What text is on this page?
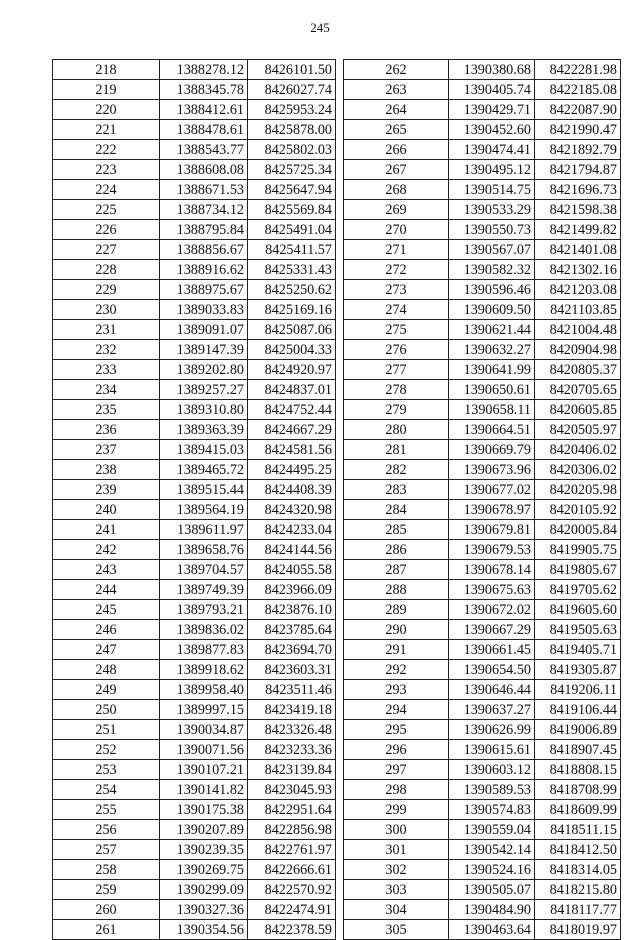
245
218	1388278.12	8426101.50
219	1388345.78	8426027.74
220	1388412.61	8425953.24
221	1388478.61	8425878.00
222	1388543.77	8425802.03
223	1388608.08	8425725.34
224	1388671.53	8425647.94
225	1388734.12	8425569.84
226	1388795.84	8425491.04
227	1388856.67	8425411.57
228	1388916.62	8425331.43
229	1388975.67	8425250.62
230	1389033.83	8425169.16
231	1389091.07	8425087.06
232	1389147.39	8425004.33
233	1389202.80	8424920.97
234	1389257.27	8424837.01
235	1389310.80	8424752.44
236	1389363.39	8424667.29
237	1389415.03	8424581.56
238	1389465.72	8424495.25
239	1389515.44	8424408.39
240	1389564.19	8424320.98
241	1389611.97	8424233.04
242	1389658.76	8424144.56
243	1389704.57	8424055.58
244	1389749.39	8423966.09
245	1389793.21	8423876.10
246	1389836.02	8423785.64
247	1389877.83	8423694.70
248	1389918.62	8423603.31
249	1389958.40	8423511.46
250	1389997.15	8423419.18
251	1390034.87	8423326.48
252	1390071.56	8423233.36
253	1390107.21	8423139.84
254	1390141.82	8423045.93
255	1390175.38	8422951.64
256	1390207.89	8422856.98
257	1390239.35	8422761.97
258	1390269.75	8422666.61
259	1390299.09	8422570.92
260	1390327.36	8422474.91
261	1390354.56	8422378.59
262	1390380.68	8422281.98
263	1390405.74	8422185.08
264	1390429.71	8422087.90
265	1390452.60	8421990.47
266	1390474.41	8421892.79
267	1390495.12	8421794.87
268	1390514.75	8421696.73
269	1390533.29	8421598.38
270	1390550.73	8421499.82
271	1390567.07	8421401.08
272	1390582.32	8421302.16
273	1390596.46	8421203.08
274	1390609.50	8421103.85
275	1390621.44	8421004.48
276	1390632.27	8420904.98
277	1390641.99	8420805.37
278	1390650.61	8420705.65
279	1390658.11	8420605.85
280	1390664.51	8420505.97
281	1390669.79	8420406.02
282	1390673.96	8420306.02
283	1390677.02	8420205.98
284	1390678.97	8420105.92
285	1390679.81	8420005.84
286	1390679.53	8419905.75
287	1390678.14	8419805.67
288	1390675.63	8419705.62
289	1390672.02	8419605.60
290	1390667.29	8419505.63
291	1390661.45	8419405.71
292	1390654.50	8419305.87
293	1390646.44	8419206.11
294	1390637.27	8419106.44
295	1390626.99	8419006.89
296	1390615.61	8418907.45
297	1390603.12	8418808.15
298	1390589.53	8418708.99
299	1390574.83	8418609.99
300	1390559.04	8418511.15
301	1390542.14	8418412.50
302	1390524.16	8418314.05
303	1390505.07	8418215.80
304	1390484.90	8418117.77
305	1390463.64	8418019.97
